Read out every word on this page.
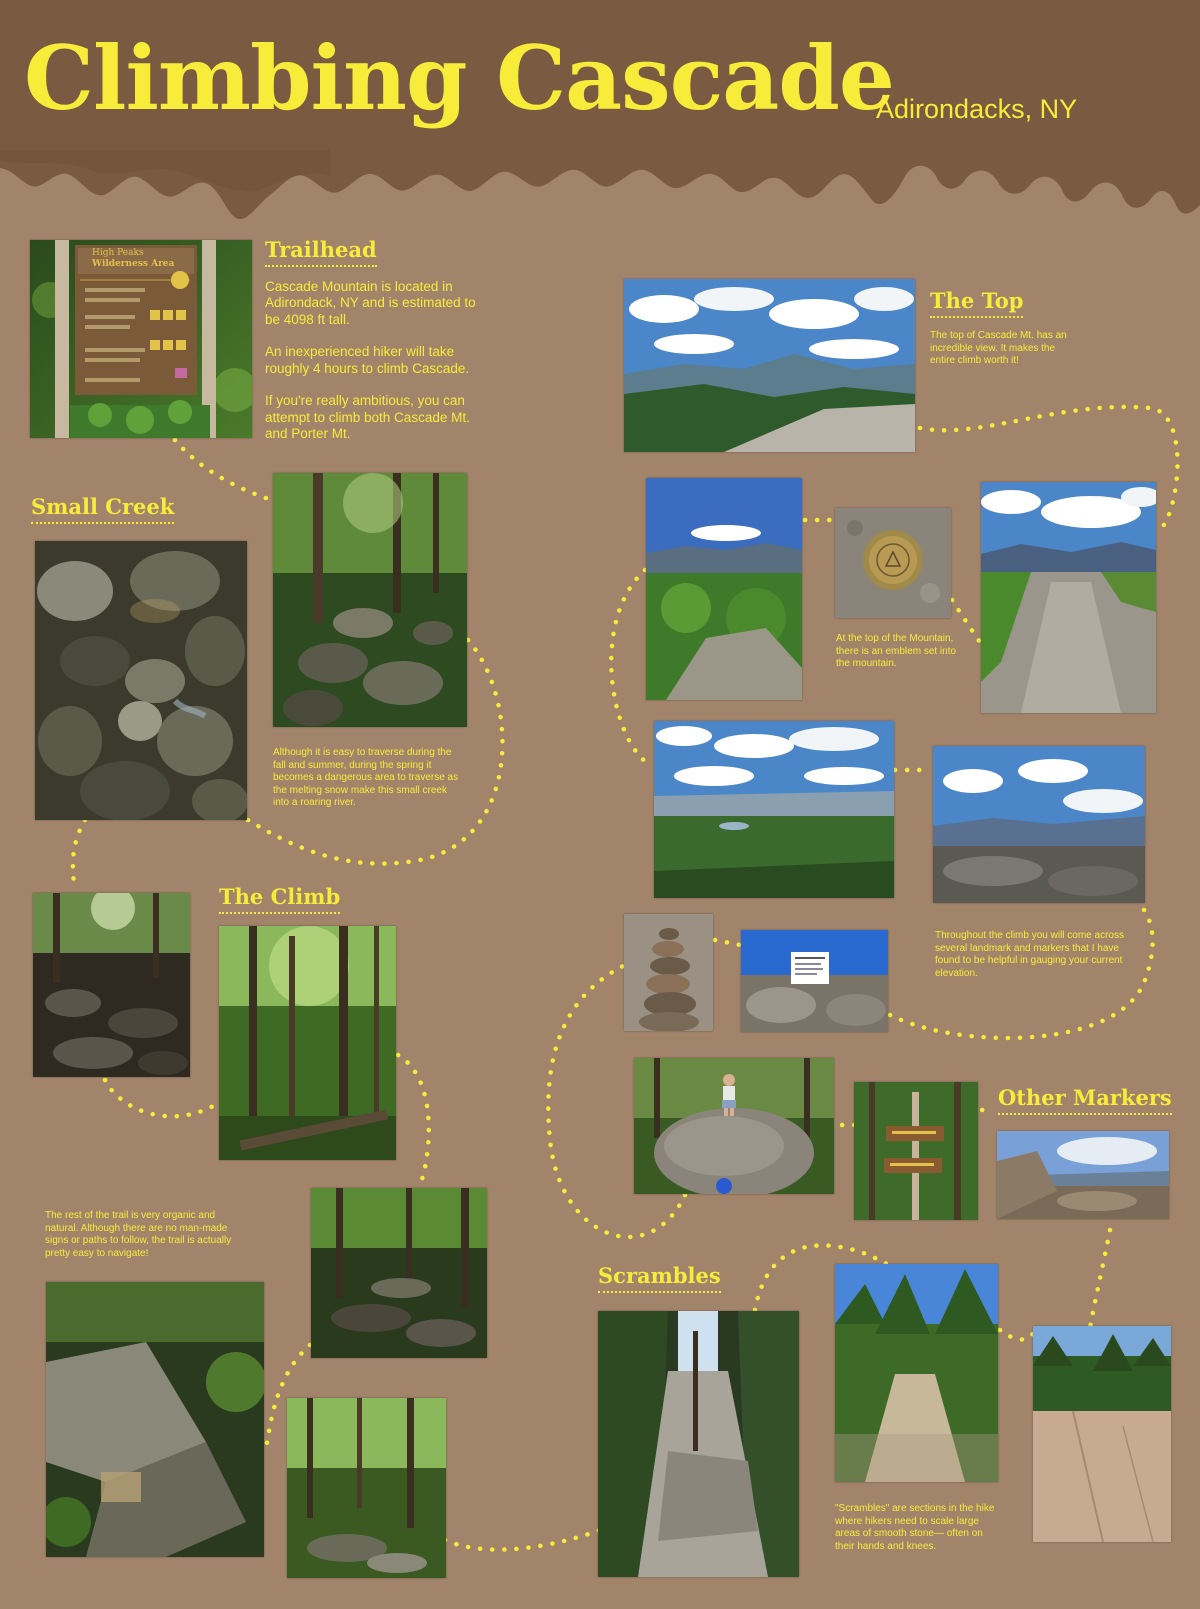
Climbing Cascade
Adirondacks, NY
High Peaks
Wilderness Area
Trailhead

Cascade Mountain is located in Adirondack, NY and is estimated to be 4098 ft tall.

An inexperienced hiker will take roughly 4 hours to climb Cascade.

If you're really ambitious, you can attempt to climb both Cascade Mt. and Porter Mt.

Small Creek
Although it is easy to traverse during the fall and summer, during the spring it becomes a dangerous area to traverse as the melting snow make this small creek into a roaring river.
The Climb
The rest of the trail is very organic and natural. Although there are no man-made signs or paths to follow, the trail is actually pretty easy to navigate!
The Top
The top of Cascade Mt. has an incredible view. It makes the entire climb worth it!
At the top of the Mountain, there is an emblem set into the mountain.
Throughout the climb you will come across several landmark and markers that I have found to be helpful in gauging your current elevation.
Other Markers
Scrambles
"Scrambles" are sections in the hike where hikers need to scale large areas of smooth stone— often on their hands and knees.
